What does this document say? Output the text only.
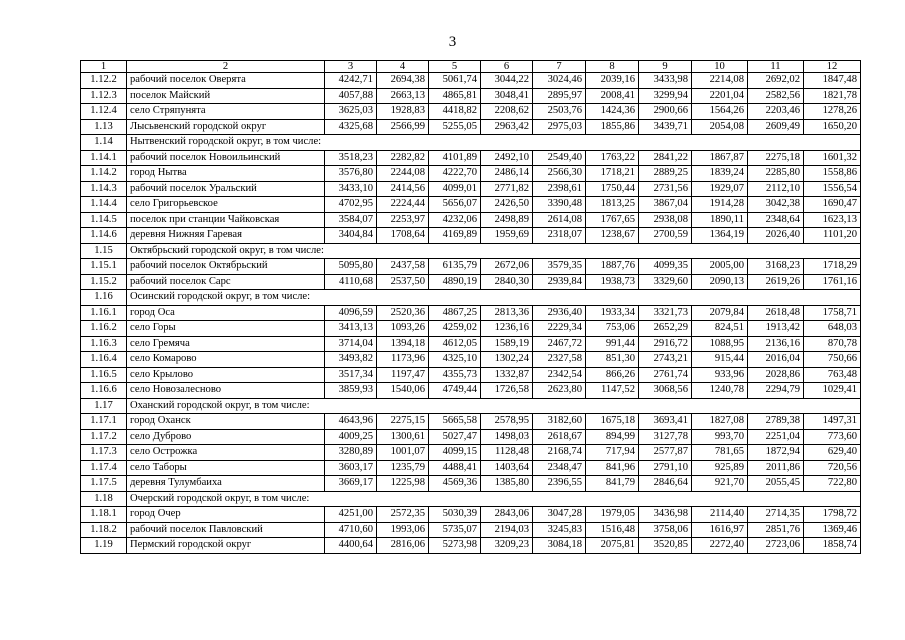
3
1	2	3	4	5	6	7	8	9	10	11	12
1.12.2	рабочий поселок Оверята	4242,71	2694,38	5061,74	3044,22	3024,46	2039,16	3433,98	2214,08	2692,02	1847,48
1.12.3	поселок Майский	4057,88	2663,13	4865,81	3048,41	2895,97	2008,41	3299,94	2201,04	2582,56	1821,78
1.12.4	село Стряпунята	3625,03	1928,83	4418,82	2208,62	2503,76	1424,36	2900,66	1564,26	2203,46	1278,26
1.13	Лысьвенский городской округ	4325,68	2566,99	5255,05	2963,42	2975,03	1855,86	3439,71	2054,08	2609,49	1650,20
1.14	Нытвенский городской округ, в том числе:										
1.14.1	рабочий поселок Новоильинский	3518,23	2282,82	4101,89	2492,10	2549,40	1763,22	2841,22	1867,87	2275,18	1601,32
1.14.2	город Нытва	3576,80	2244,08	4222,70	2486,14	2566,30	1718,21	2889,25	1839,24	2285,80	1558,86
1.14.3	рабочий поселок Уральский	3433,10	2414,56	4099,01	2771,82	2398,61	1750,44	2731,56	1929,07	2112,10	1556,54
1.14.4	село Григорьевское	4702,95	2224,44	5656,07	2426,50	3390,48	1813,25	3867,04	1914,28	3042,38	1690,47
1.14.5	поселок при станции Чайковская	3584,07	2253,97	4232,06	2498,89	2614,08	1767,65	2938,08	1890,11	2348,64	1623,13
1.14.6	деревня Нижняя Гаревая	3404,84	1708,64	4169,89	1959,69	2318,07	1238,67	2700,59	1364,19	2026,40	1101,20
1.15	Октябрьский городской округ, в том числе:										
1.15.1	рабочий поселок Октябрьский	5095,80	2437,58	6135,79	2672,06	3579,35	1887,76	4099,35	2005,00	3168,23	1718,29
1.15.2	рабочий поселок Сарс	4110,68	2537,50	4890,19	2840,30	2939,84	1938,73	3329,60	2090,13	2619,26	1761,16
1.16	Осинский городской округ, в том числе:										
1.16.1	город Оса	4096,59	2520,36	4867,25	2813,36	2936,40	1933,34	3321,73	2079,84	2618,48	1758,71
1.16.2	село Горы	3413,13	1093,26	4259,02	1236,16	2229,34	753,06	2652,29	824,51	1913,42	648,03
1.16.3	село Гремяча	3714,04	1394,18	4612,05	1589,19	2467,72	991,44	2916,72	1088,95	2136,16	870,78
1.16.4	село Комарово	3493,82	1173,96	4325,10	1302,24	2327,58	851,30	2743,21	915,44	2016,04	750,66
1.16.5	село Крылово	3517,34	1197,47	4355,73	1332,87	2342,54	866,26	2761,74	933,96	2028,86	763,48
1.16.6	село Новозалесново	3859,93	1540,06	4749,44	1726,58	2623,80	1147,52	3068,56	1240,78	2294,79	1029,41
1.17	Оханский городской округ, в том числе:										
1.17.1	город Оханск	4643,96	2275,15	5665,58	2578,95	3182,60	1675,18	3693,41	1827,08	2789,38	1497,31
1.17.2	село Дуброво	4009,25	1300,61	5027,47	1498,03	2618,67	894,99	3127,78	993,70	2251,04	773,60
1.17.3	село Острожка	3280,89	1001,07	4099,15	1128,48	2168,74	717,94	2577,87	781,65	1872,94	629,40
1.17.4	село Таборы	3603,17	1235,79	4488,41	1403,64	2348,47	841,96	2791,10	925,89	2011,86	720,56
1.17.5	деревня Тулумбаиха	3669,17	1225,98	4569,36	1385,80	2396,55	841,79	2846,64	921,70	2055,45	722,80
1.18	Очерский городской округ, в том числе:										
1.18.1	город Очер	4251,00	2572,35	5030,39	2843,06	3047,28	1979,05	3436,98	2114,40	2714,35	1798,72
1.18.2	рабочий поселок Павловский	4710,60	1993,06	5735,07	2194,03	3245,83	1516,48	3758,06	1616,97	2851,76	1369,46
1.19	Пермский городской округ	4400,64	2816,06	5273,98	3209,23	3084,18	2075,81	3520,85	2272,40	2723,06	1858,74
